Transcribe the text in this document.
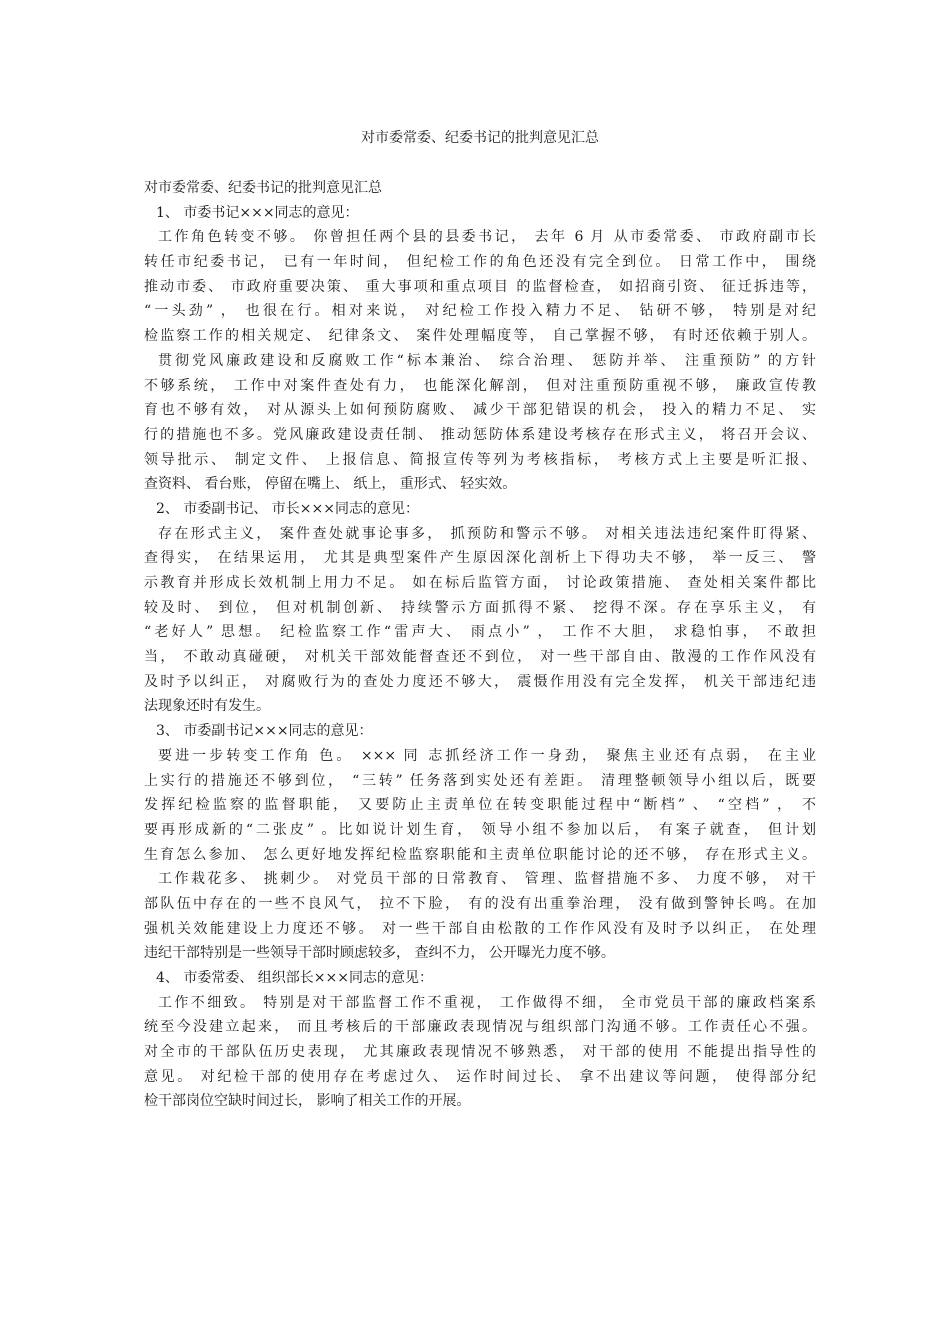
对市委常委、纪委书记的批判意见汇总
对市委常委、纪委书记的批判意见汇总
1、 市委书记×××同志的意见：
工作角色转变不够。 你曾担任两个县的县委书记， 去年 6 月 从市委常委、 市政府副市长
转任市纪委书记， 已有一年时间， 但纪检工作的角色还没有完全到位。 日常工作中， 围绕
推动市委、 市政府重要决策、 重大事项和重点项目 的监督检查， 如招商引资、 征迁拆违等，
“一头劲” ， 也很在行。相对来说， 对纪检工作投入精力不足、 钻研不够， 特别是对纪
检监察工作的相关规定、 纪律条文、 案件处理幅度等， 自己掌握不够， 有时还依赖于别人。
贯彻党风廉政建设和反腐败工作“标本兼治、 综合治理、 惩防并举、 注重预防” 的方针
不够系统， 工作中对案件查处有力， 也能深化解剖， 但对注重预防重视不够， 廉政宣传教
育也不够有效， 对从源头上如何预防腐败、 减少干部犯错误的机会， 投入的精力不足、 实
行的措施也不多。党风廉政建设责任制、 推动惩防体系建设考核存在形式主义， 将召开会议、
领导批示、 制定文件、 上报信息、简报宣传等列为考核指标， 考核方式上主要是听汇报、
查资料、 看台账， 停留在嘴上、 纸上， 重形式、 轻实效。
2、 市委副书记、 市长×××同志的意见：
存在形式主义， 案件查处就事论事多， 抓预防和警示不够。 对相关违法违纪案件盯得紧、
查得实， 在结果运用， 尤其是典型案件产生原因深化剖析上下得功夫不够， 举一反三、 警
示教育并形成长效机制上用力不足。 如在标后监管方面， 讨论政策措施、 查处相关案件都比
较及时、 到位， 但对机制创新、 持续警示方面抓得不紧、 挖得不深。存在享乐主义， 有
“老好人” 思想。 纪检监察工作“雷声大、 雨点小” ， 工作不大胆， 求稳怕事， 不敢担
当， 不敢动真碰硬， 对机关干部效能督查还不到位， 对一些干部自由、散漫的工作作风没有
及时予以纠正， 对腐败行为的查处力度还不够大， 震慑作用没有完全发挥， 机关干部违纪违
法现象还时有发生。
3、 市委副书记×××同志的意见：
要进一步转变工作角 色。 ××× 同 志抓经济工作一身劲， 聚焦主业还有点弱， 在主业
上实行的措施还不够到位， “三转” 任务落到实处还有差距。 清理整顿领导小组以后，既要
发挥纪检监察的监督职能， 又要防止主责单位在转变职能过程中“断档” 、 “空档” ， 不
要再形成新的“二张皮” 。比如说计划生育， 领导小组不参加以后， 有案子就查， 但计划
生育怎么参加、 怎么更好地发挥纪检监察职能和主责单位职能讨论的还不够， 存在形式主义。
工作栽花多、 挑刺少。 对党员干部的日常教育、 管理、监督措施不多、 力度不够， 对干
部队伍中存在的一些不良风气， 拉不下脸， 有的没有出重拳治理， 没有做到警钟长鸣。在加
强机关效能建设上力度还不够。 对一些干部自由松散的工作作风没有及时予以纠正， 在处理
违纪干部特别是一些领导干部时顾虑较多， 查纠不力， 公开曝光力度不够。
4、 市委常委、 组织部长×××同志的意见：
工作不细致。 特别是对干部监督工作不重视， 工作做得不细， 全市党员干部的廉政档案系
统至今没建立起来， 而且考核后的干部廉政表现情况与组织部门沟通不够。工作责任心不强。
对全市的干部队伍历史表现， 尤其廉政表现情况不够熟悉， 对干部的使用 不能提出指导性的
意见。 对纪检干部的使用存在考虑过久、 运作时间过长、 拿不出建议等问题， 使得部分纪
检干部岗位空缺时间过长， 影响了相关工作的开展。
